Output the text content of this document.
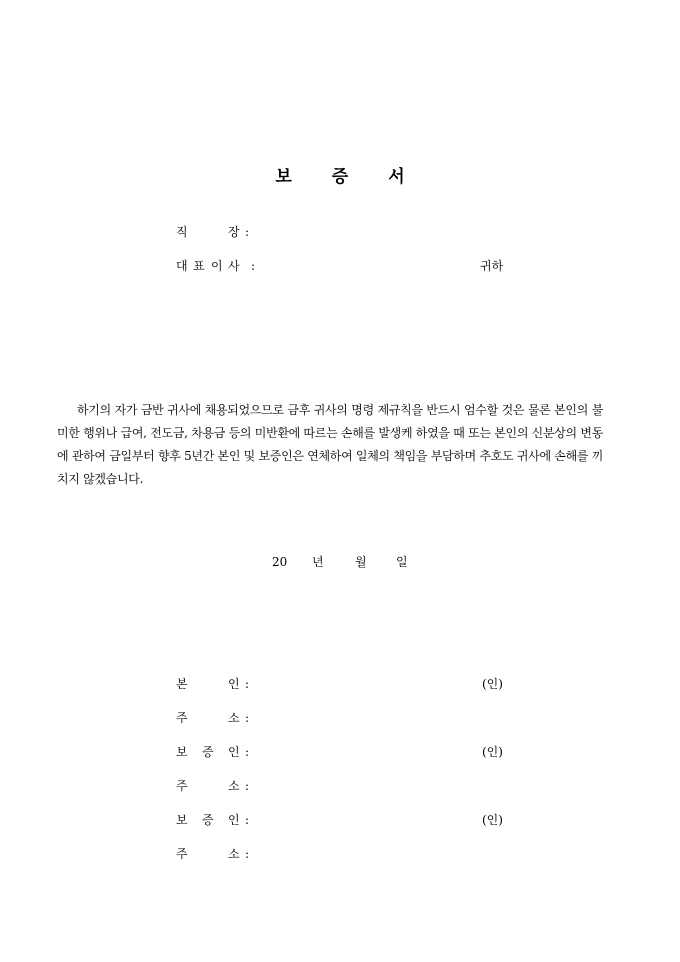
보 증 서
직	장 :
대 표 이 사 :	귀하
하기의 자가 금반 귀사에 채용되었으므로 금후 귀사의 명령 제규칙을 반드시 엄수할 것은 물론 본인의 불미한 행위나 급여, 전도금, 차용금 등의 미반환에 따르는 손해를 발생케 하였을 때 또는 본인의 신분상의 변동에 관하여 금일부터 향후 5년간 본인 및 보증인은 연체하여 일체의 책임을 부담하며 추호도 귀사에 손해를 끼치지 않겠습니다.
20 년	월 일
본	인 :	(인)
주	소 :
보 증 인 :	(인)
주	소 :
보 증 인 :	(인)
주	소 :
